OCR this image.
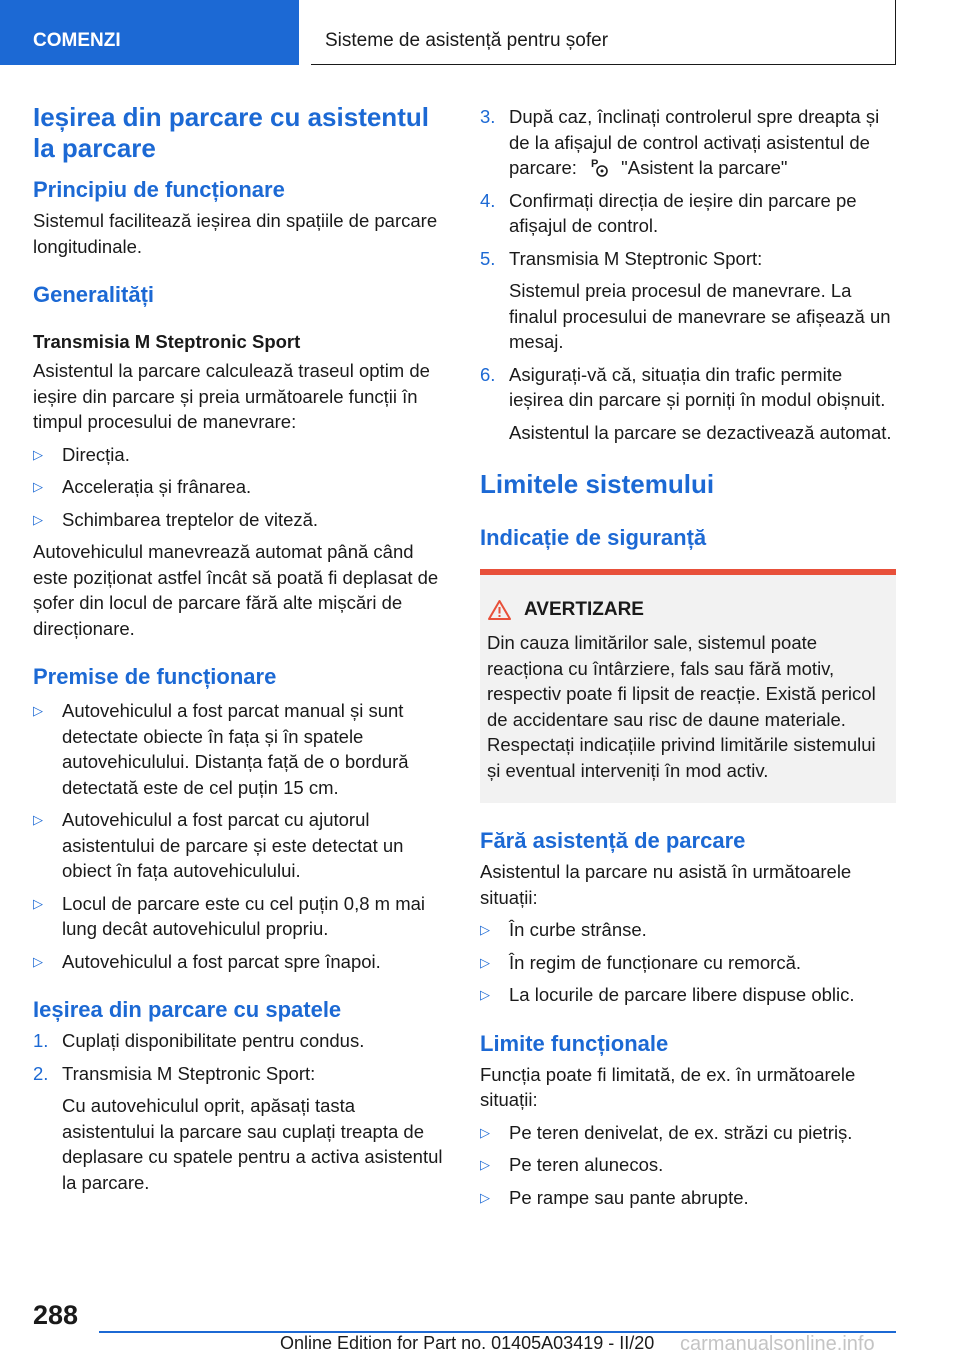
COMENZI	Sisteme de asistență pentru șofer
Ieșirea din parcare cu asistentul la parcare
Principiu de funcționare

Sistemul facilitează ieșirea din spațiile de parcare longitudinale.

Generalități
Transmisia M Steptronic Sport

Asistentul la parcare calculează traseul optim de ieșire din parcare și preia următoarele funcții în timpul procesului de manevrare:

▷ Direcția.
▷ Accelerația și frânarea.
▷ Schimbarea treptelor de viteză.

Autovehiculul manevrează automat până când este poziționat astfel încât să poată fi deplasat de șofer din locul de parcare fără alte mișcări de direcționare.

Premise de funcționare
▷ Autovehiculul a fost parcat manual și sunt detectate obiecte în fața și în spatele autovehiculului. Distanța față de o bordură detectată este de cel puțin 15 cm.
▷ Autovehiculul a fost parcat cu ajutorul asistentului de parcare și este detectat un obiect în fața autovehiculului.
▷ Locul de parcare este cu cel puțin 0,8 m mai lung decât autovehiculul propriu.
▷ Autovehiculul a fost parcat spre înapoi.
Ieșirea din parcare cu spatele
1. Cuplați disponibilitate pentru condus.
2. Transmisia M Steptronic Sport:
Cu autovehiculul oprit, apăsați tasta asistentului la parcare sau cuplați treapta de deplasare cu spatele pentru a activa asistentul la parcare.
3. După caz, înclinați controlerul spre dreapta și de la afișajul de control activați asistentul de parcare: P "Asistent la parcare"
4. Confirmați direcția de ieșire din parcare pe afișajul de control.
5. Transmisia M Steptronic Sport:
Sistemul preia procesul de manevrare. La finalul procesului de manevrare se afișează un mesaj.
6. Asigurați-vă că, situația din trafic permite ieșirea din parcare și porniți în modul obișnuit.
Asistentul la parcare se dezactivează automat.
Limitele sistemului
Indicație de siguranță
AVERTIZARE

Din cauza limitărilor sale, sistemul poate reacționa cu întârziere, fals sau fără motiv, respectiv poate fi lipsit de reacție. Există pericol de accidentare sau risc de daune materiale. Respectați indicațiile privind limitările sistemului și eventual interveniți în mod activ.

Fără asistență de parcare

Asistentul la parcare nu asistă în următoarele situații:

▷ În curbe strânse.
▷ În regim de funcționare cu remorcă.
▷ La locurile de parcare libere dispuse oblic.
Limite funcționale

Funcția poate fi limitată, de ex. în următoarele situații:

▷ Pe teren denivelat, de ex. străzi cu pietriș.
▷ Pe teren alunecos.
▷ Pe rampe sau pante abrupte.
288
Online Edition for Part no. 01405A03419 - II/20 carmanualsonline.info
